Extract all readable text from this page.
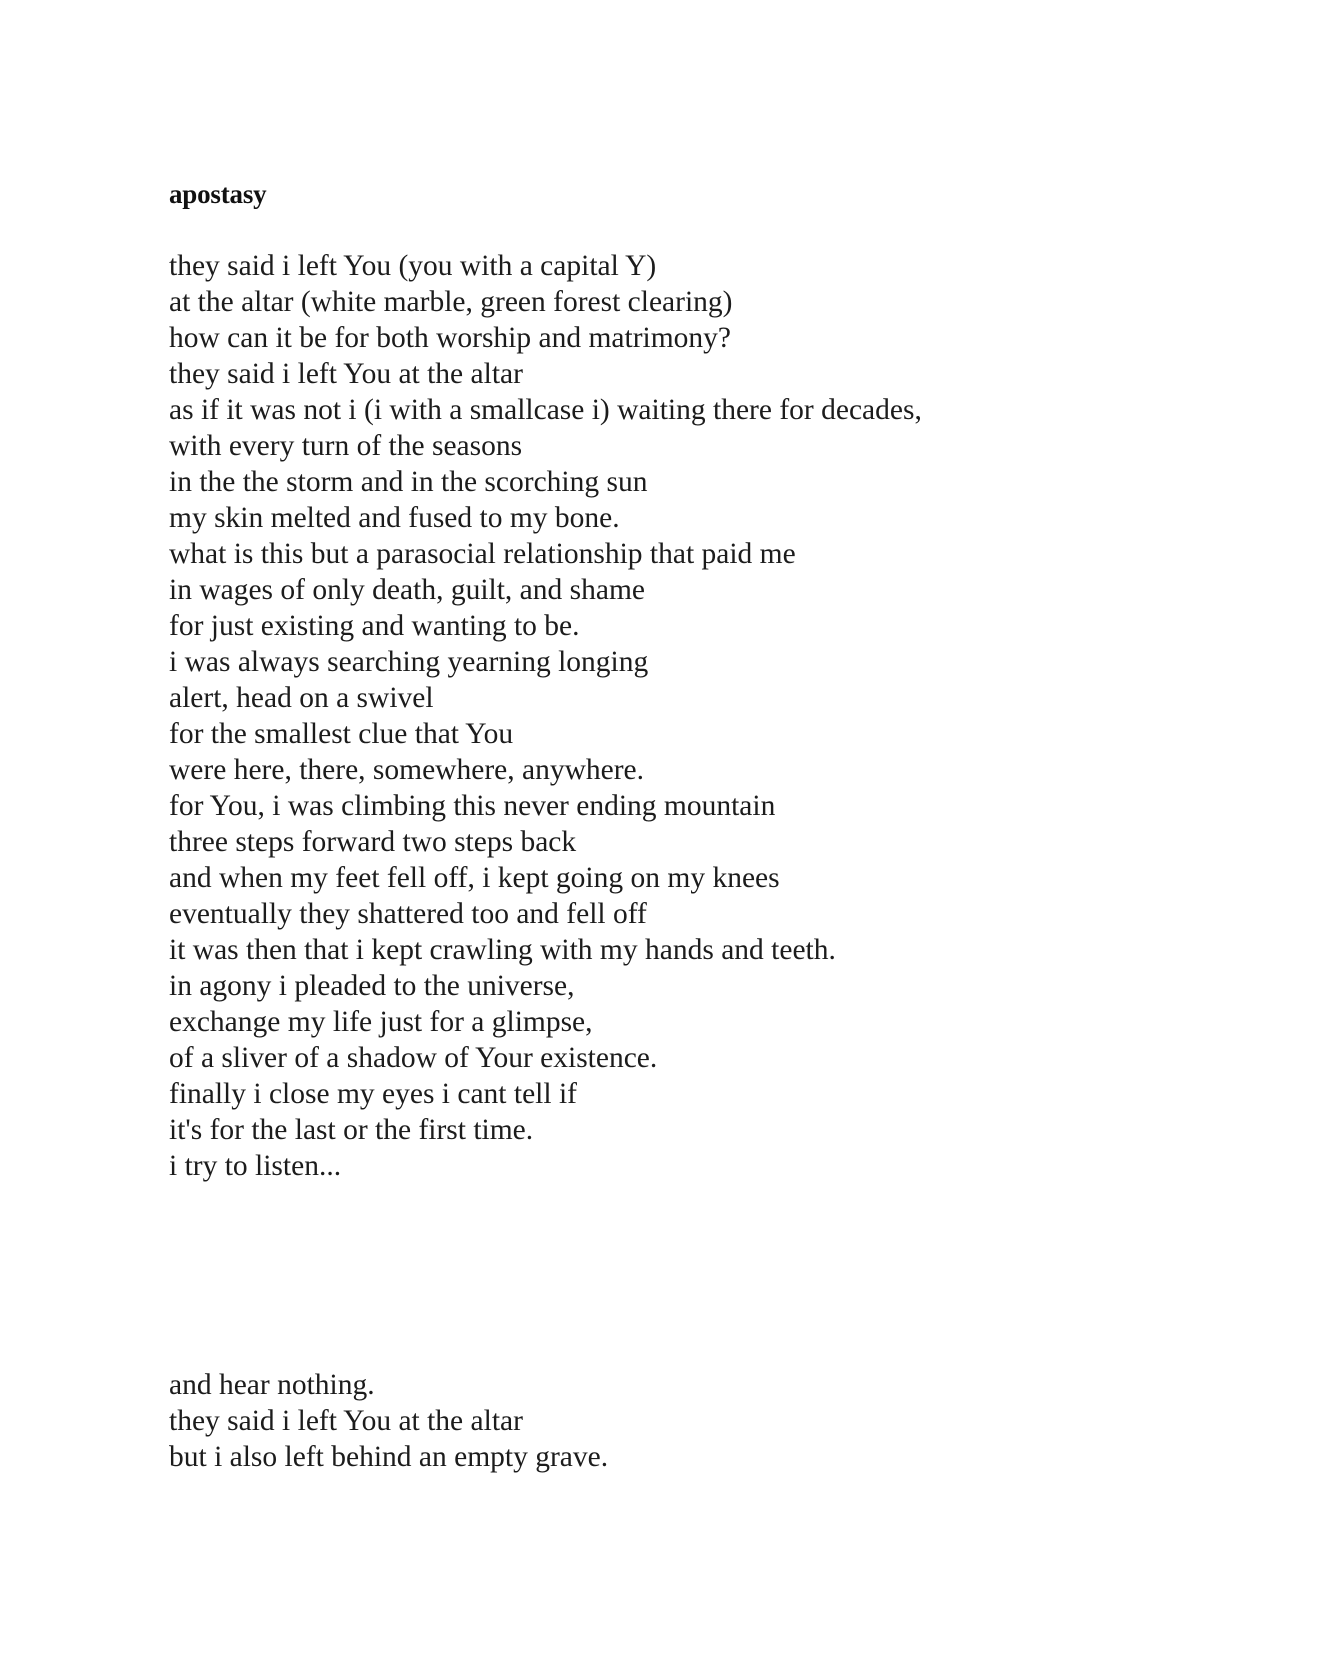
apostasy
they said i left You (you with a capital Y)
at the altar (white marble, green forest clearing)
how can it be for both worship and matrimony?
they said i left You at the altar
as if it was not i (i with a smallcase i) waiting there for decades,
with every turn of the seasons
in the the storm and in the scorching sun
my skin melted and fused to my bone.
what is this but a parasocial relationship that paid me
in wages of only death, guilt, and shame
for just existing and wanting to be.
i was always searching yearning longing
alert, head on a swivel
for the smallest clue that You
were here, there, somewhere, anywhere.
for You, i was climbing this never ending mountain
three steps forward two steps back
and when my feet fell off, i kept going on my knees
eventually they shattered too and fell off
it was then that i kept crawling with my hands and teeth.
in agony i pleaded to the universe,
exchange my life just for a glimpse,
of a sliver of a shadow of Your existence.
finally i close my eyes i cant tell if
it's for the last or the first time.
i try to listen...
and hear nothing.
they said i left You at the altar
but i also left behind an empty grave.
